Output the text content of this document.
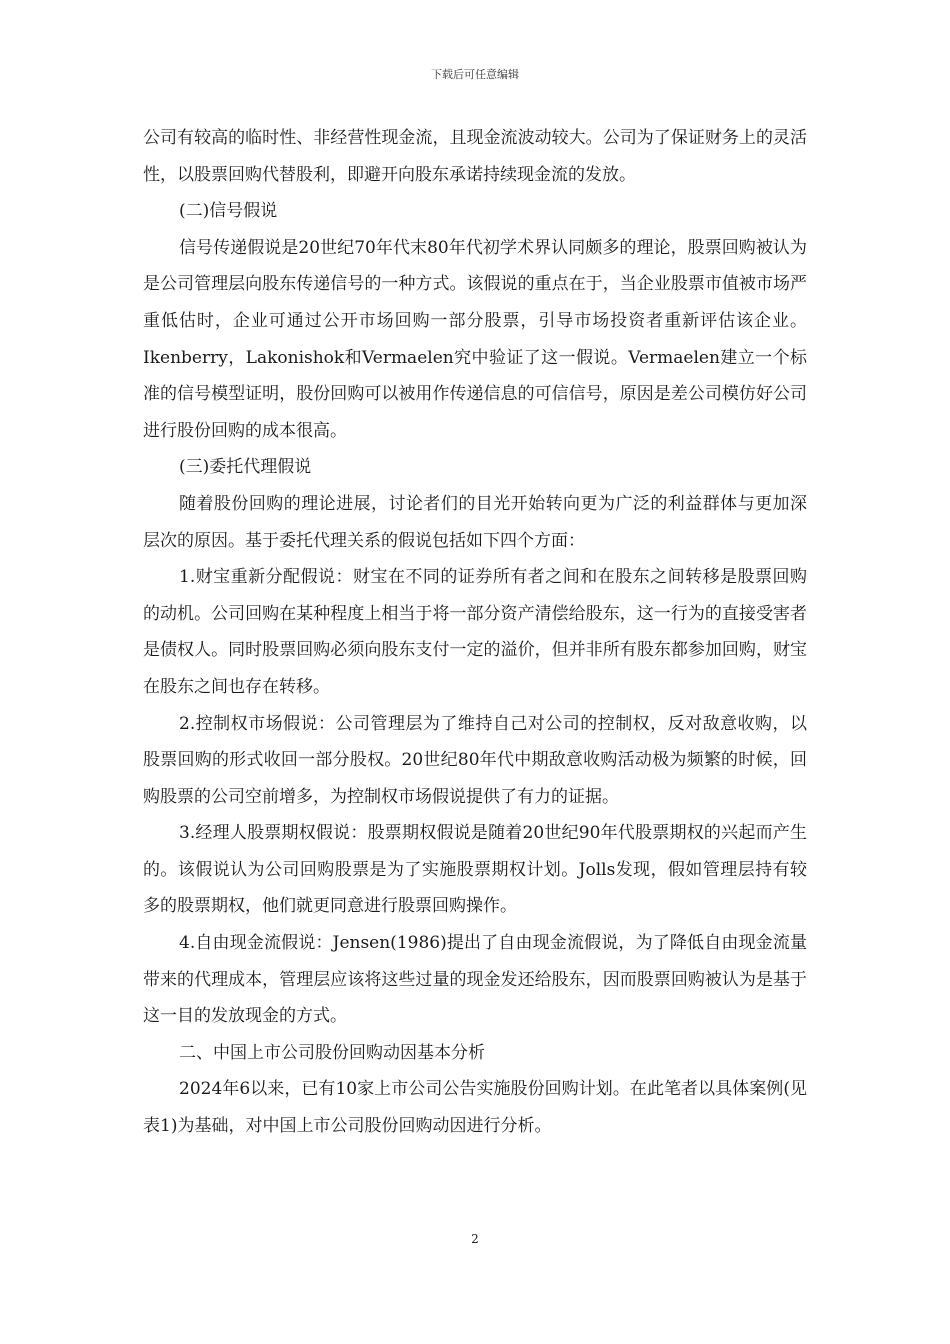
下载后可任意编辑

公司有较高的临时性、非经营性现金流，且现金流波动较大。公司为了保证财务上的灵活性，以股票回购代替股利，即避开向股东承诺持续现金流的发放。

(二)信号假说

信号传递假说是20世纪70年代末80年代初学术界认同颇多的理论，股票回购被认为是公司管理层向股东传递信号的一种方式。该假说的重点在于，当企业股票市值被市场严重低估时，企业可通过公开市场回购一部分股票，引导市场投资者重新评估该企业。Ikenberry，Lakonishok和Vermaelen究中验证了这一假说。Vermaelen建立一个标准的信号模型证明，股份回购可以被用作传递信息的可信信号，原因是差公司模仿好公司进行股份回购的成本很高。

(三)委托代理假说

随着股份回购的理论进展，讨论者们的目光开始转向更为广泛的利益群体与更加深层次的原因。基于委托代理关系的假说包括如下四个方面：

1.财宝重新分配假说：财宝在不同的证券所有者之间和在股东之间转移是股票回购的动机。公司回购在某种程度上相当于将一部分资产清偿给股东，这一行为的直接受害者是债权人。同时股票回购必须向股东支付一定的溢价，但并非所有股东都参加回购，财宝在股东之间也存在转移。

2.控制权市场假说：公司管理层为了维持自己对公司的控制权，反对敌意收购，以股票回购的形式收回一部分股权。20世纪80年代中期敌意收购活动极为频繁的时候，回购股票的公司空前增多，为控制权市场假说提供了有力的证据。

3.经理人股票期权假说：股票期权假说是随着20世纪90年代股票期权的兴起而产生的。该假说认为公司回购股票是为了实施股票期权计划。Jolls发现，假如管理层持有较多的股票期权，他们就更同意进行股票回购操作。

4.自由现金流假说：Jensen(1986)提出了自由现金流假说，为了降低自由现金流量带来的代理成本，管理层应该将这些过量的现金发还给股东，因而股票回购被认为是基于这一目的发放现金的方式。

二、中国上市公司股份回购动因基本分析

2024年6以来，已有10家上市公司公告实施股份回购计划。在此笔者以具体案例(见表1)为基础，对中国上市公司股份回购动因进行分析。

2
